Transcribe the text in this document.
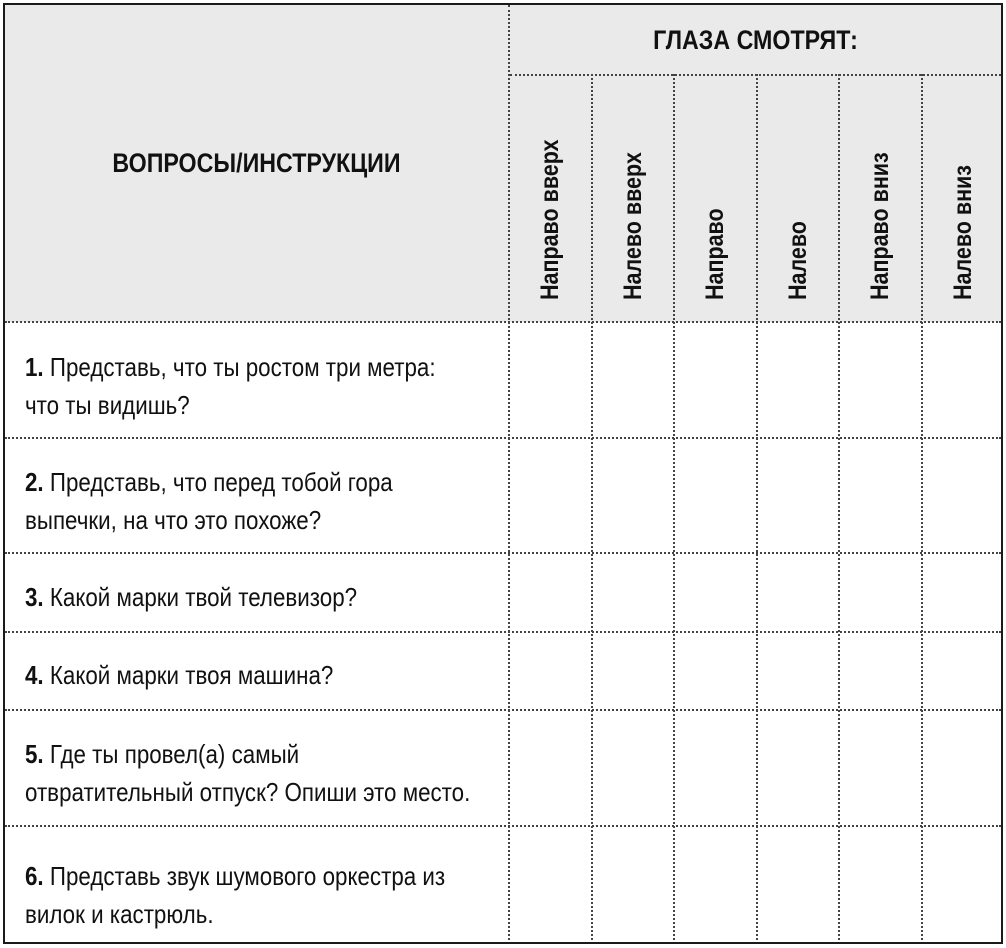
ВОПРОСЫ/ИНСТРУКЦИИ
ГЛАЗА СМОТРЯТ:
Направо вверх Налево вверх Направо Налево Направо вниз Налево вниз
1. Представь, что ты ростом три метра:
что ты видишь?
2. Представь, что перед тобой гора
выпечки, на что это похоже?
3. Какой марки твой телевизор?
4. Какой марки твоя машина?
5. Где ты провел(а) самый
отвратительный отпуск? Опиши это место.
6. Представь звук шумового оркестра из
вилок и кастрюль.
